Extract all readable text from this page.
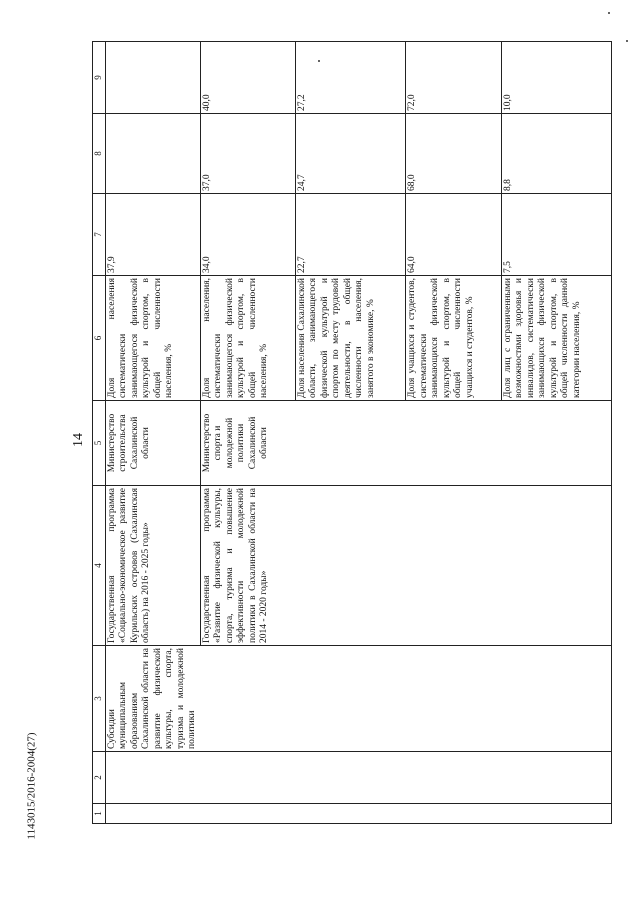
14
1143015/2016-2004(27)	1	2	3	4	5	6	7	8	9
		Субсидии муниципальным образованиям Сахалинской области на развитие физической культуры, спорта, туризма и молодежной политики	Государственная программа «Социально-экономическое развитие Курильских островов (Сахалинская область) на 2016 - 2025 годы»	Министерство строительства Сахалинской области	Доля населения систематически занимающегося физической культурой и спортом, в общей численности населения, %	37,9		
			Государственная программа «Развитие физической культуры, спорта, туризма и повышение эффективности молодежной политики в Сахалинской области на 2014 - 2020 годы»	Министерство спорта и молодежной политики Сахалинской области	Доля населения, систематически занимающегося физической культурой и спортом, в общей численности населения, %	34,0	37,0	40,0
					Доля населения Сахалинской области, занимающегося физической культурой и спортом по месту трудовой деятельности, в общей численности населения, занятого в экономике, %	22,7	24,7	27,2
					Доля учащихся и студентов, систематически занимающихся физической культурой и спортом, в общей численности учащихся и студентов, %	64,0	68,0	72,0
					Доля лиц с ограниченными возможностями здоровья и инвалидов, систематически занимающихся физической культурой и спортом, в общей численности данной категории населения, %	7,5	8,8	10,0
